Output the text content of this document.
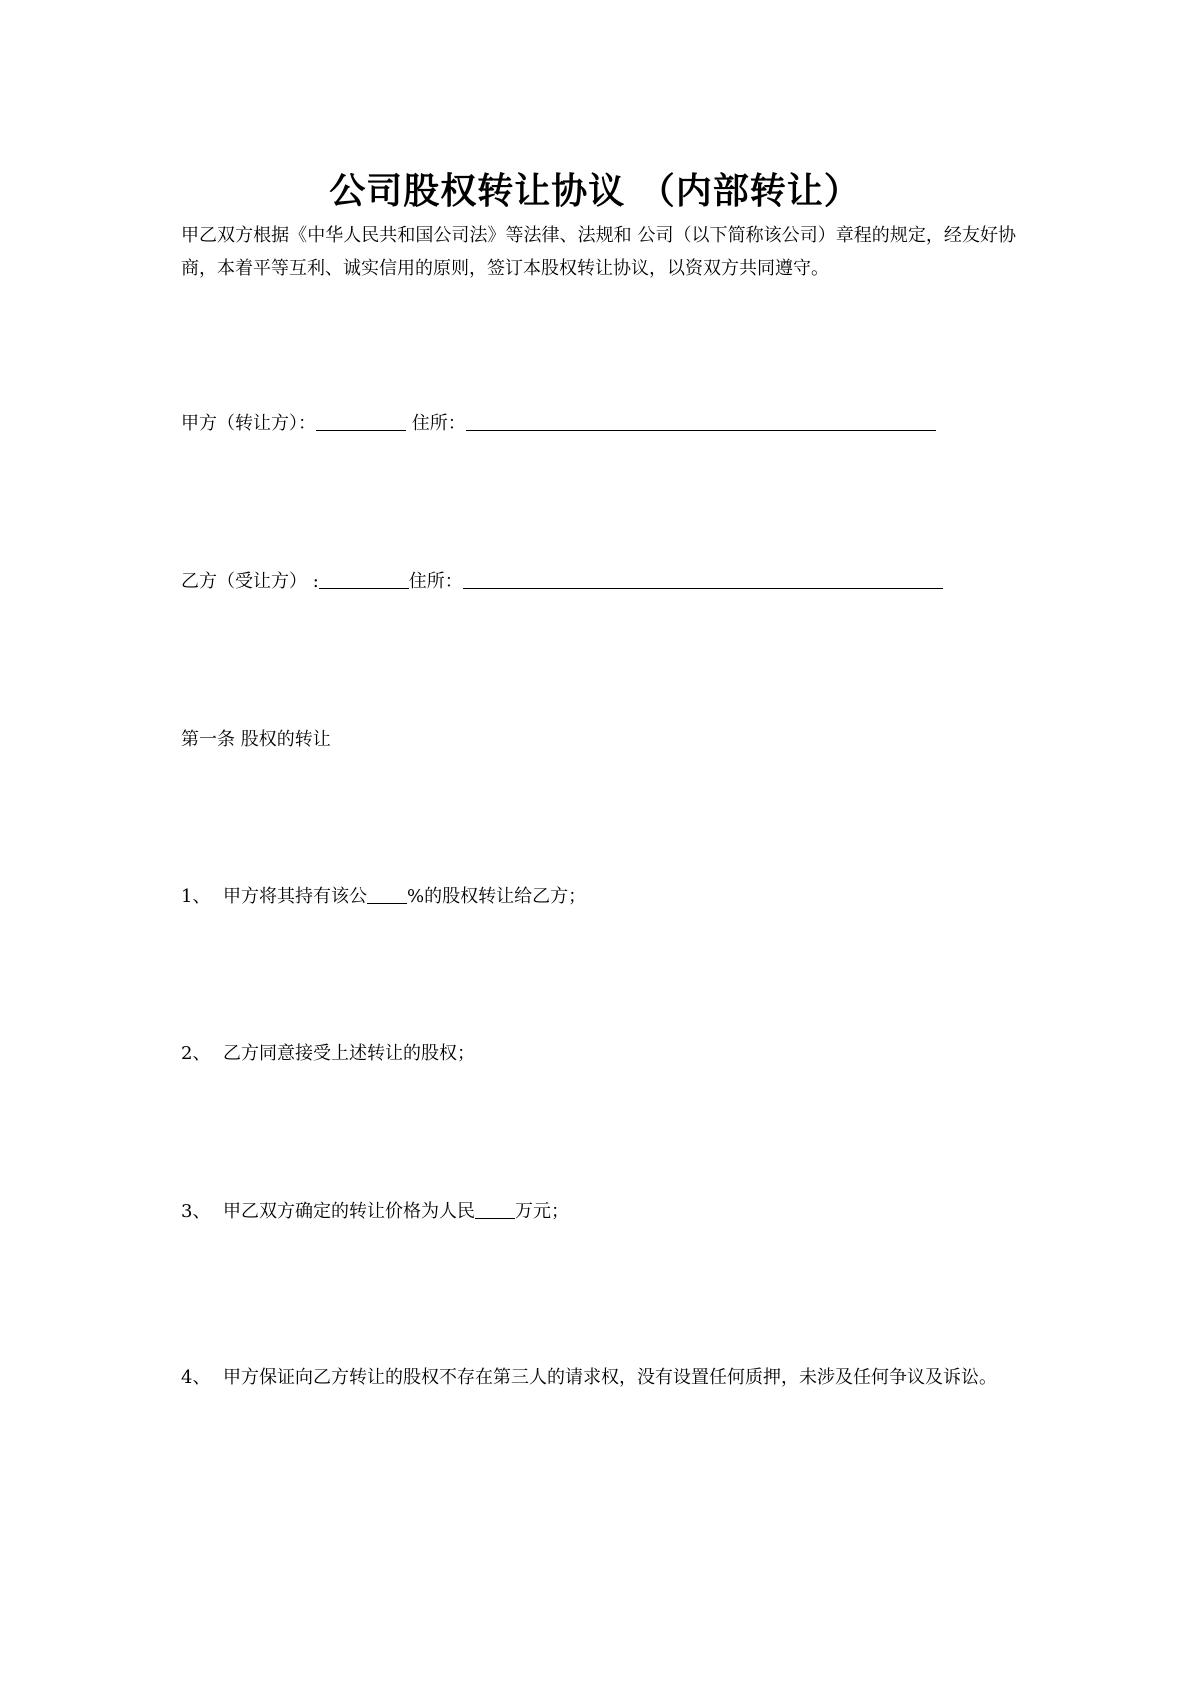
公司股权转让协议 （内部转让）

甲乙双方根据《中华人民共和国公司法》等法律、法规和 公司（以下简称该公司）章程的规定，经友好协商，本着平等互利、诚实信用的原则，签订本股权转让协议，以资双方共同遵守。

甲方（转让方）：	住所：

乙方（受让方） :	住所：

第一条 股权的转让

1、 甲方将其持有该公 %的股权转让给乙方；

2、 乙方同意接受上述转让的股权；

3、 甲乙双方确定的转让价格为人民 万元；

4、 甲方保证向乙方转让的股权不存在第三人的请求权，没有设置任何质押，未涉及任何争议及诉讼。
